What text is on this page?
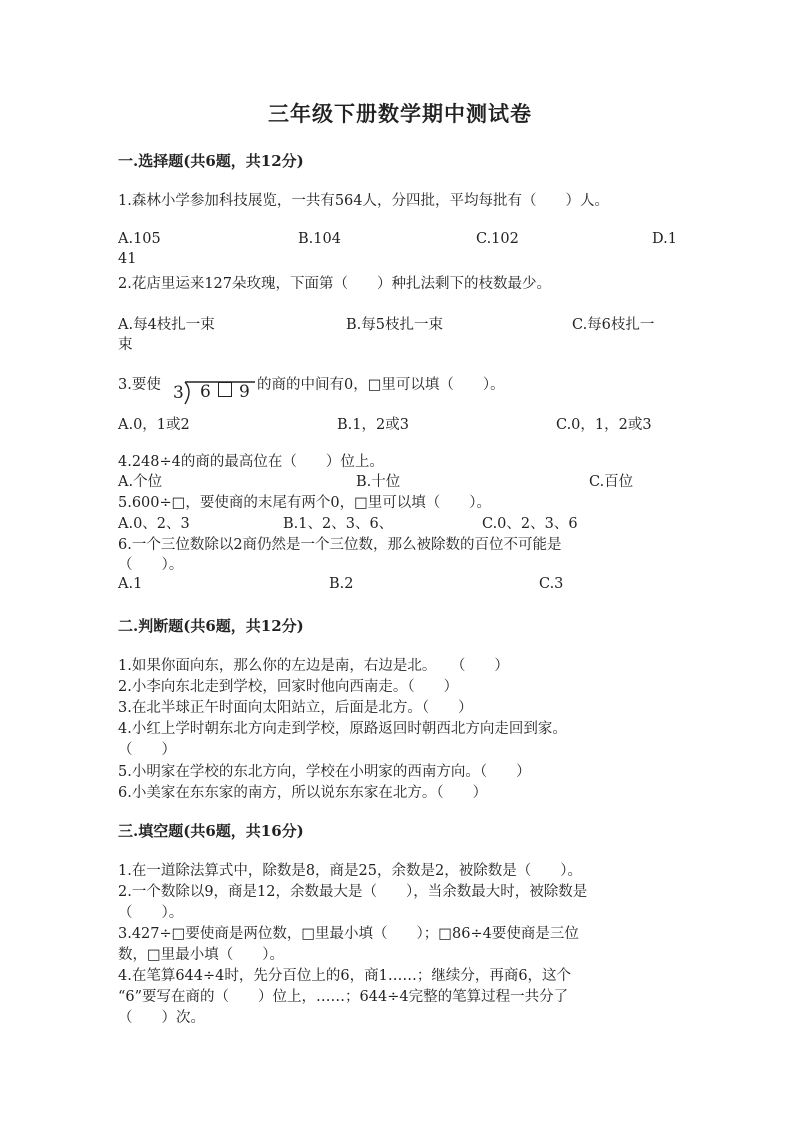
三年级下册数学期中测试卷
一.选择题(共6题，共12分)
1.森林小学参加科技展览，一共有564人，分四批，平均每批有（　　）人。
A.105	B.104	C.102	D.1
41
2.花店里运来127朵玫瑰，下面第（　　）种扎法剩下的枝数最少。
A.每4枝扎一束	B.每5枝扎一束	C.每6枝扎一
束
3.要使 3 6 9 的商的中间有0，□里可以填（　　）。
A.0，1或2	B.1，2或3	C.0，1，2或3
4.248÷4的商的最高位在（　　）位上。
A.个位	B.十位	C.百位
5.600÷□，要使商的末尾有两个0，□里可以填（　　）。
A.0、2、3	B.1、2、3、6、	C.0、2、3、6
6.一个三位数除以2商仍然是一个三位数，那么被除数的百位不可能是
（　　）。
A.1	B.2	C.3
二.判断题(共6题，共12分)
1.如果你面向东，那么你的左边是南，右边是北。　　（　　）
2.小李向东北走到学校，回家时他向西南走。（　　）
3.在北半球正午时面向太阳站立，后面是北方。（　　）
4.小红上学时朝东北方向走到学校，原路返回时朝西北方向走回到家。
（　　）
5.小明家在学校的东北方向，学校在小明家的西南方向。（　　）
6.小美家在东东家的南方，所以说东东家在北方。（　　）
三.填空题(共6题，共16分)
1.在一道除法算式中，除数是8，商是25，余数是2，被除数是（　　）。
2.一个数除以9，商是12，余数最大是（　　），当余数最大时，被除数是
（　　）。
3.427÷□要使商是两位数，□里最小填（　　）；□86÷4要使商是三位
数，□里最小填（　　）。
4.在笔算644÷4时，先分百位上的6，商1……；继续分，再商6，这个
“6”要写在商的（　　）位上，……；644÷4完整的笔算过程一共分了
（　　）次。
